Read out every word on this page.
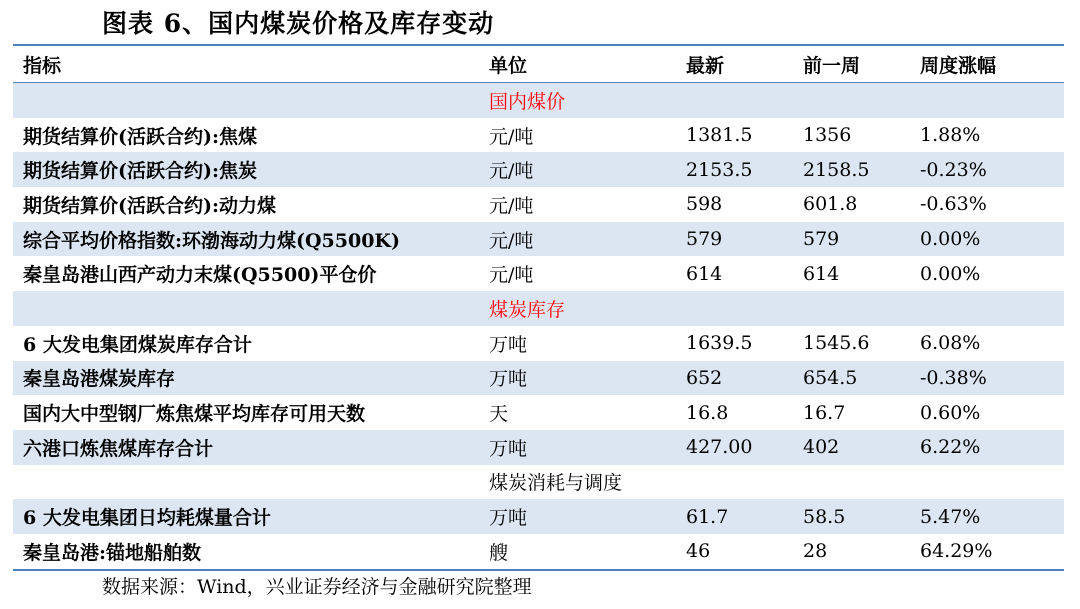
图表 6、国内煤炭价格及库存变动
指标	单位	最新	前一周	周度涨幅
	国内煤价			
期货结算价(活跃合约):焦煤	元/吨	1381.5	1356	1.88%
期货结算价(活跃合约):焦炭	元/吨	2153.5	2158.5	-0.23%
期货结算价(活跃合约):动力煤	元/吨	598	601.8	-0.63%
综合平均价格指数:环渤海动力煤(Q5500K)	元/吨	579	579	0.00%
秦皇岛港山西产动力末煤(Q5500)平仓价	元/吨	614	614	0.00%
	煤炭库存			
6 大发电集团煤炭库存合计	万吨	1639.5	1545.6	6.08%
秦皇岛港煤炭库存	万吨	652	654.5	-0.38%
国内大中型钢厂炼焦煤平均库存可用天数	天	16.8	16.7	0.60%
六港口炼焦煤库存合计	万吨	427.00	402	6.22%
	煤炭消耗与调度			
6 大发电集团日均耗煤量合计	万吨	61.7	58.5	5.47%
秦皇岛港:锚地船舶数	艘	46	28	64.29%
数据来源：Wind，兴业证券经济与金融研究院整理
